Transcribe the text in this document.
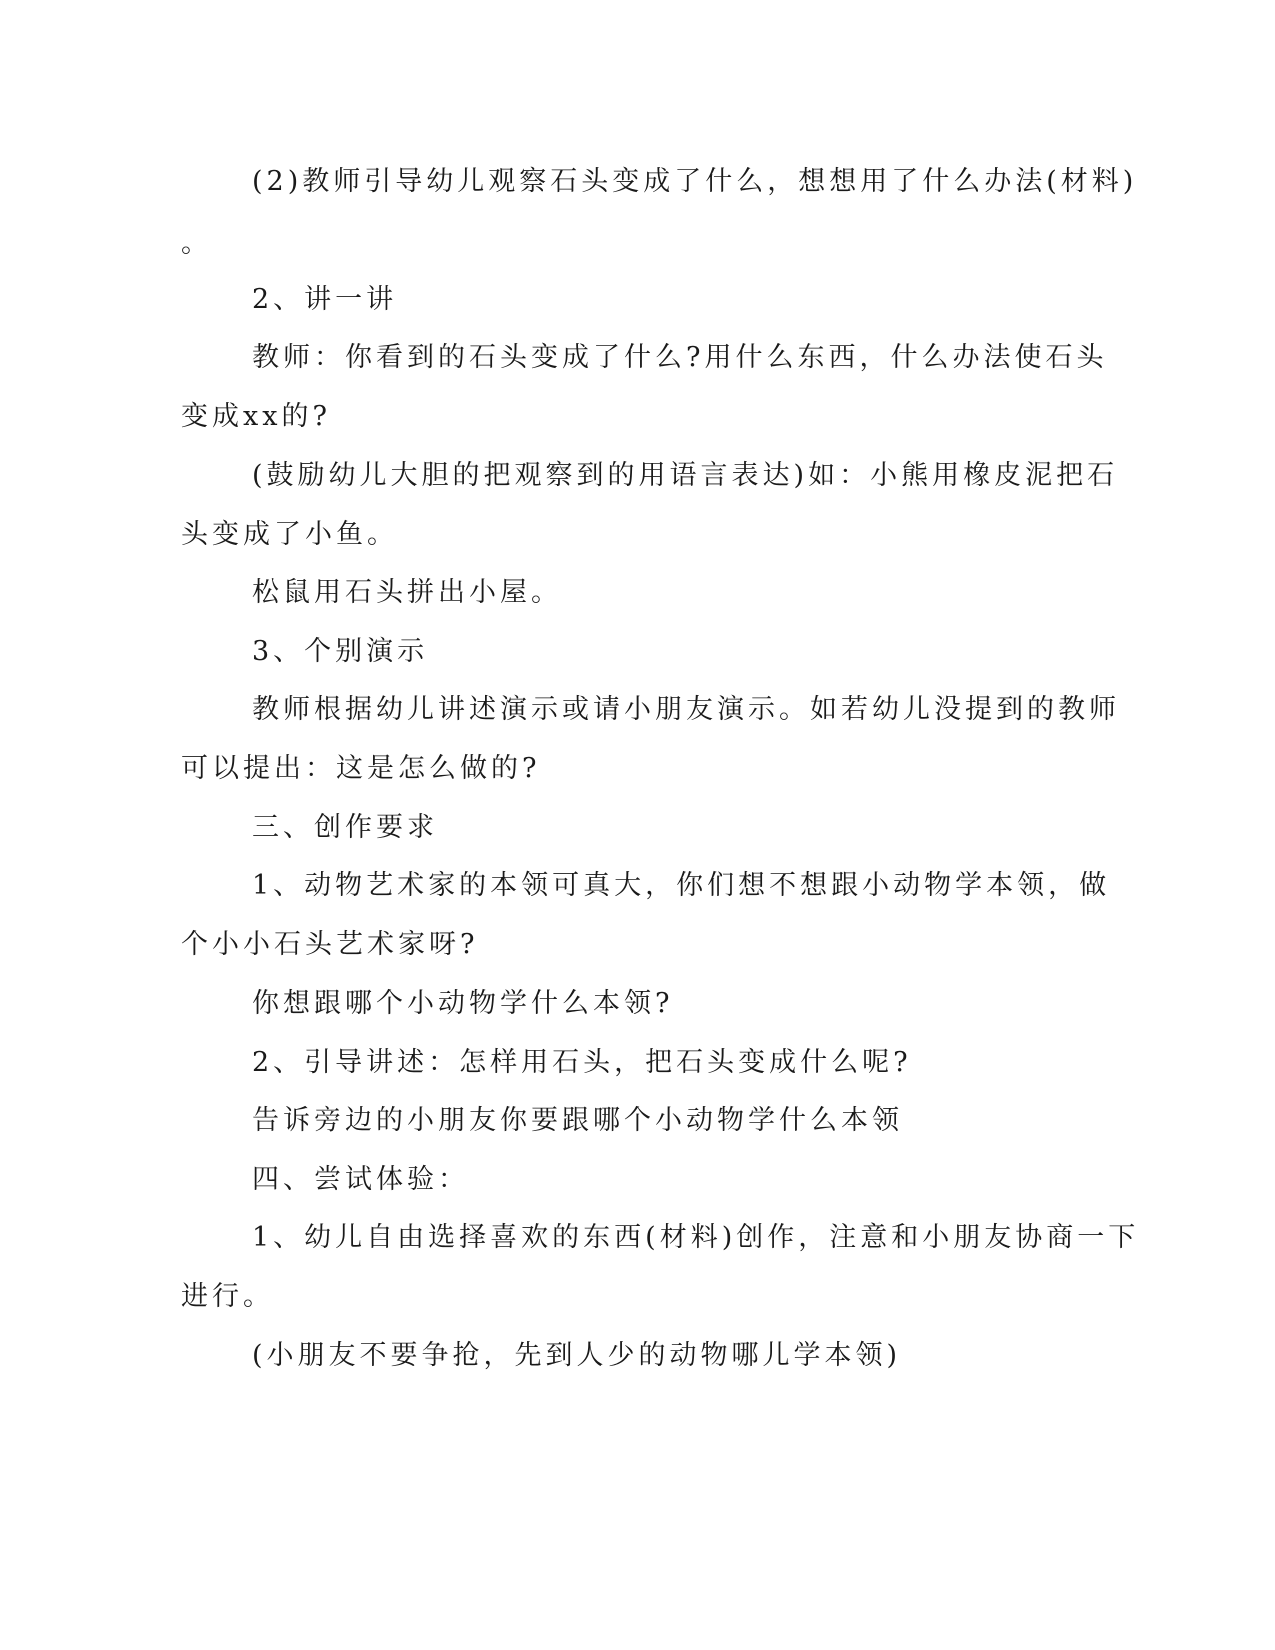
(2)教师引导幼儿观察石头变成了什么，想想用了什么办法(材料)
。
2、讲一讲
教师：你看到的石头变成了什么?用什么东西，什么办法使石头
变成xx的?
(鼓励幼儿大胆的把观察到的用语言表达)如：小熊用橡皮泥把石
头变成了小鱼。
松鼠用石头拼出小屋。
3、个别演示
教师根据幼儿讲述演示或请小朋友演示。如若幼儿没提到的教师
可以提出：这是怎么做的?
三、创作要求
1、动物艺术家的本领可真大，你们想不想跟小动物学本领，做
个小小石头艺术家呀?
你想跟哪个小动物学什么本领?
2、引导讲述：怎样用石头，把石头变成什么呢?
告诉旁边的小朋友你要跟哪个小动物学什么本领
四、尝试体验：
1、幼儿自由选择喜欢的东西(材料)创作，注意和小朋友协商一下
进行。
(小朋友不要争抢，先到人少的动物哪儿学本领)
